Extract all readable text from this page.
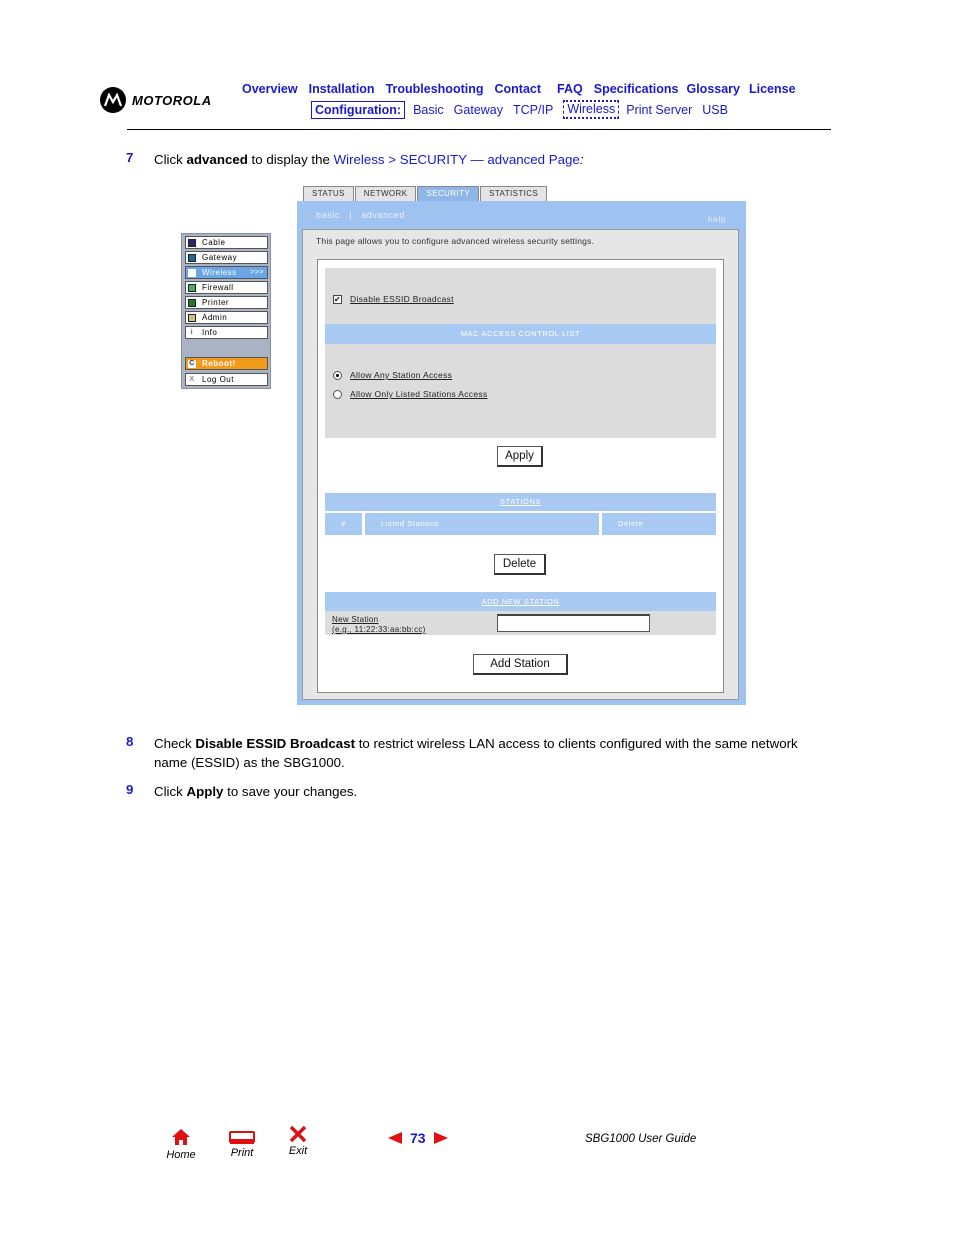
MOTOROLA
Overview Installation Troubleshooting Contact FAQ Specifications Glossary License
Configuration: Basic Gateway TCP/IP	Wireless Print Server USB
7 Click advanced to display the Wireless > SECURITY — advanced Page:
Cable
Gateway
Wireless >>>
Firewall
Printer
Admin
i	Info
C Reboot!
X Log Out
STATUS	NETWORK	SECURITY	STATISTICS
basic | advanced	help
This page allows you to configure advanced wireless security settings.
✔ Disable ESSID Broadcast
MAC ACCESS CONTROL LIST
Allow Any Station Access
Allow Only Listed Stations Access
Apply
STATIONS
#	Listed Stations	Delete
Delete
ADD NEW STATION
New Station
(e.g., 11:22:33:aa:bb:cc)
Add Station
8 Check Disable ESSID Broadcast to restrict wireless LAN access to clients configured with the same network name (ESSID) as the SBG1000.
9 Click Apply to save your changes.
Home	Print	Exit
73	SBG1000 User Guide
